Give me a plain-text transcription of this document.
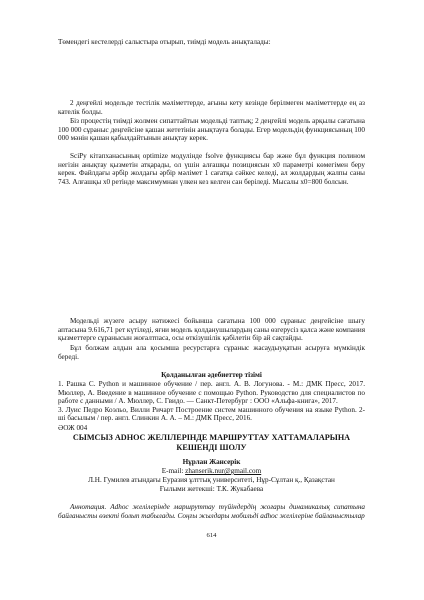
Төмендегі кестелерді салыстыра отырып, тиімді модель анықталады:

2 деңгейлі модельде тестілік мәліметтерде, ағыны кету кезінде берілмеген мәліметтерде ең аз кателік болды.

Біз процестің тиімді жолмен сипаттайтын модельді таптық; 2 деңгейлі модель арқылы сағатына 100 000 сұраныс деңгейсіне қашан жететінін анықтауға болады. Егер модельдің функциясының 100 000 мәнін қашан қабылдайтынын анықтау керек.

SciPy кітапханасының optimize модулінде fsolve функциясы бар және бұл функция полином негізін анықтау қызметін атқарады, ол үшін алғашқы позициясын x0 параметрі көмегімен беру керек. Файлдағы әрбір жолдағы әрбір мәлімет 1 сағатқа сәйкес келеді, ал жолдардың жалпы саны 743. Алғашқы x0 ретінде максимумнан үлкен кез келген сан беріледі. Мысалы x0=800 болсын.

Модельді жүзеге асыру нәтижесі бойынша сағатына 100 000 сұраныс деңгейсіне шығу аптасына 9.616,71 рет күтіледі, яғни модель қолданушылардың саны өзгерусіз қалса және компания қызметтерге сұранысын жоғалтпаса, осы өткізушілік қабілетін бір ай сақтайды.

Бұл болжам алдын ала қосымша ресурстарға сұраныс жасаудыуқатын асыруға мүмкіндік береді.

Қолданылған әдебиеттер тізімі

1. Рашка С. Python и машинное обучение / пер. англ. А. В. Логунова. - М.: ДМК Пресс, 2017. Мюллер, А. Введение в машинное обучение с помощью Python. Руководство для специалистов по работе с данными / А. Мюллер, С. Гвидо. — Санкт-Петербург : ООО «Альфа-книга», 2017.

3. Луис Педро Коэльо, Вилли Ричарт Построение систем машинного обучения на языке Python. 2-ші басылым / пер. англ. Слинкин А. А. – М.: ДМК Пресс, 2016.

ӘОЖ 004

СЫМСЫЗ ADHOC ЖЕЛІЛЕРІНДЕ МАРШРУТТАУ ХАТТАМАЛАРЫНА КЕШЕНДІ ШОЛУ

Нұрлан Жансерік

E-mail: zhanserik.nur@gmail.com

Л.Н. Гумилев атындағы Еуразия ұлттық университеті, Нұр-Сұлтан қ., Қазақстан

Ғылыми жетекші: Т.К. Жукабаева

Аннотация. Adhoc желілерінде маршруттау түйіндердің жоғары динамикалық сипатына байланысты өзекті болып табылады. Соңғы жылдары мобильді adhoc желілеріне байланыстылар

614
